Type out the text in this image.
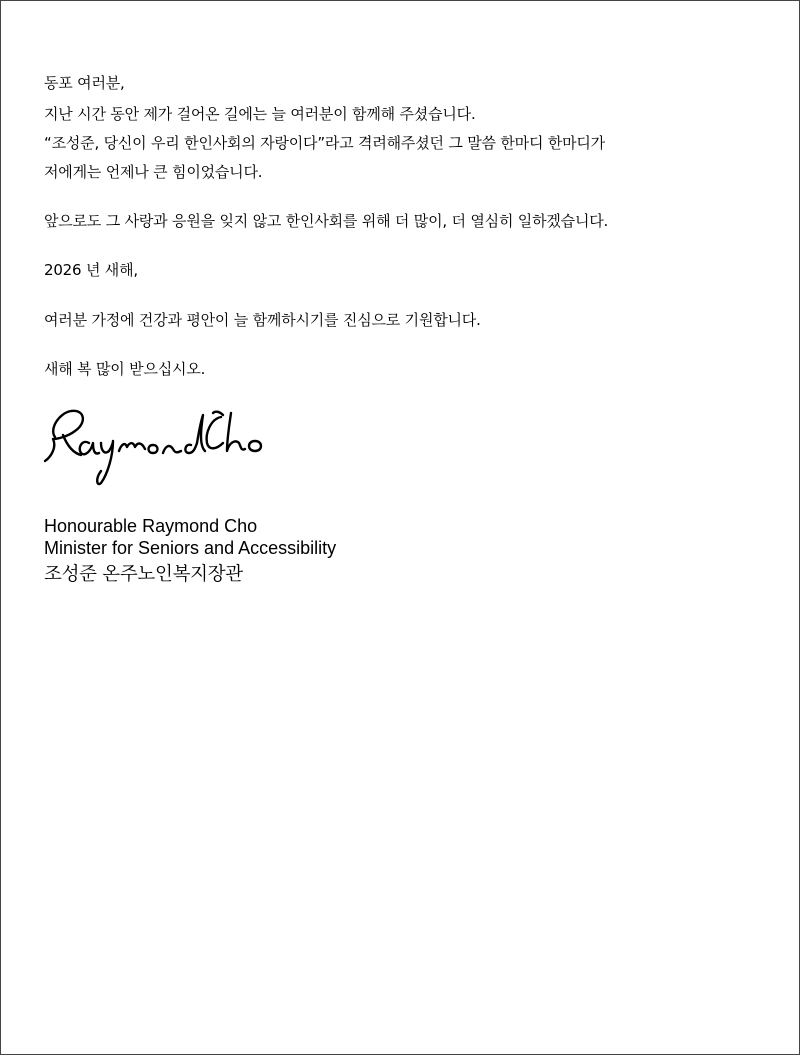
동포 여러분,
지난 시간 동안 제가 걸어온 길에는 늘 여러분이 함께해 주셨습니다.
“조성준, 당신이 우리 한인사회의 자랑이다”라고 격려해주셨던 그 말씀 한마디 한마디가
저에게는 언제나 큰 힘이었습니다.
앞으로도 그 사랑과 응원을 잊지 않고 한인사회를 위해 더 많이, 더 열심히 일하겠습니다.
2026 년 새해,
여러분 가정에 건강과 평안이 늘 함께하시기를 진심으로 기원합니다.
새해 복 많이 받으십시오.
Honourable Raymond Cho
Minister for Seniors and Accessibility
조성준 온주노인복지장관
